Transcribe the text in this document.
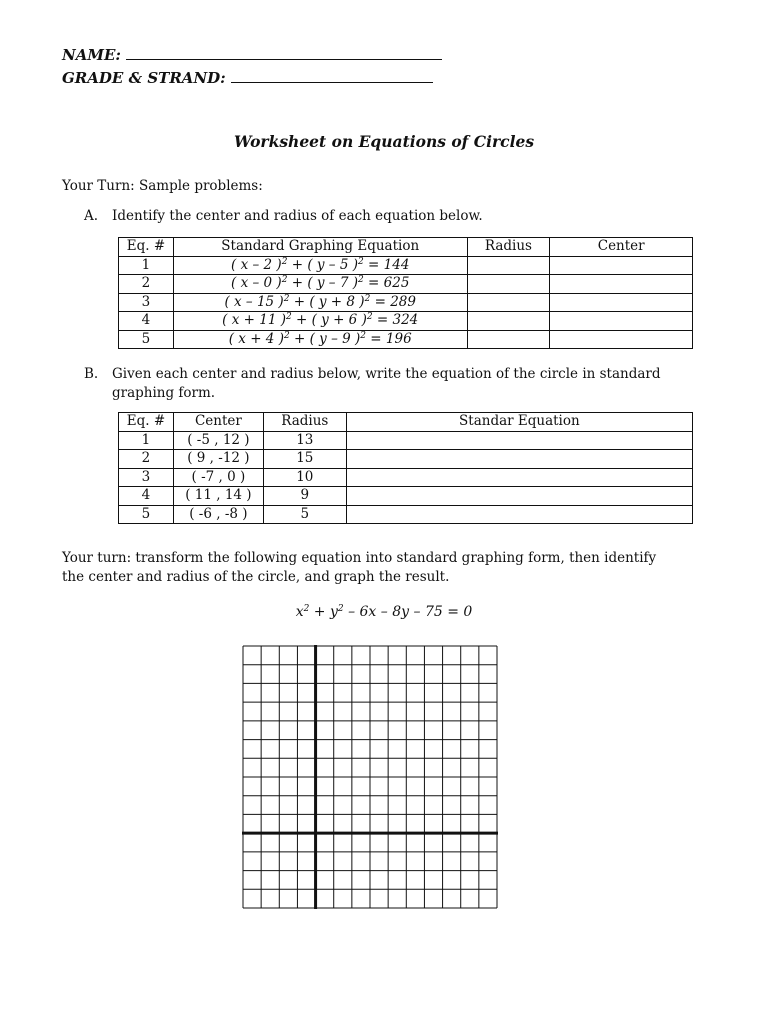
NAME:
GRADE & STRAND:
Worksheet on Equations of Circles
Your Turn: Sample problems:
A. Identify the center and radius of each equation below.
Eq. #	Standard Graphing Equation	Radius	Center
1	( x – 2 )$^2$ + ( y – 5 )$^2$ = 144		
2	( x – 0 )$^2$ + ( y – 7 )$^2$ = 625		
3	( x – 15 )$^2$ + ( y + 8 )$^2$ = 289		
4	( x + 11 )$^2$ + ( y + 6 )$^2$ = 324		
5	( x + 4 )$^2$ + ( y – 9 )$^2$ = 196		
B. Given each center and radius below, write the equation of the circle in standard
graphing form.
Eq. #	Center	Radius	Standar Equation
1	( -5 , 12 )	13	
2	( 9 , -12 )	15	
3	( -7 , 0 )	10	
4	( 11 , 14 )	9	
5	( -6 , -8 )	5	
Your turn: transform the following equation into standard graphing form, then identify
the center and radius of the circle, and graph the result.
$x^2 + y^2 - 6x - 8y - 75 = 0$
